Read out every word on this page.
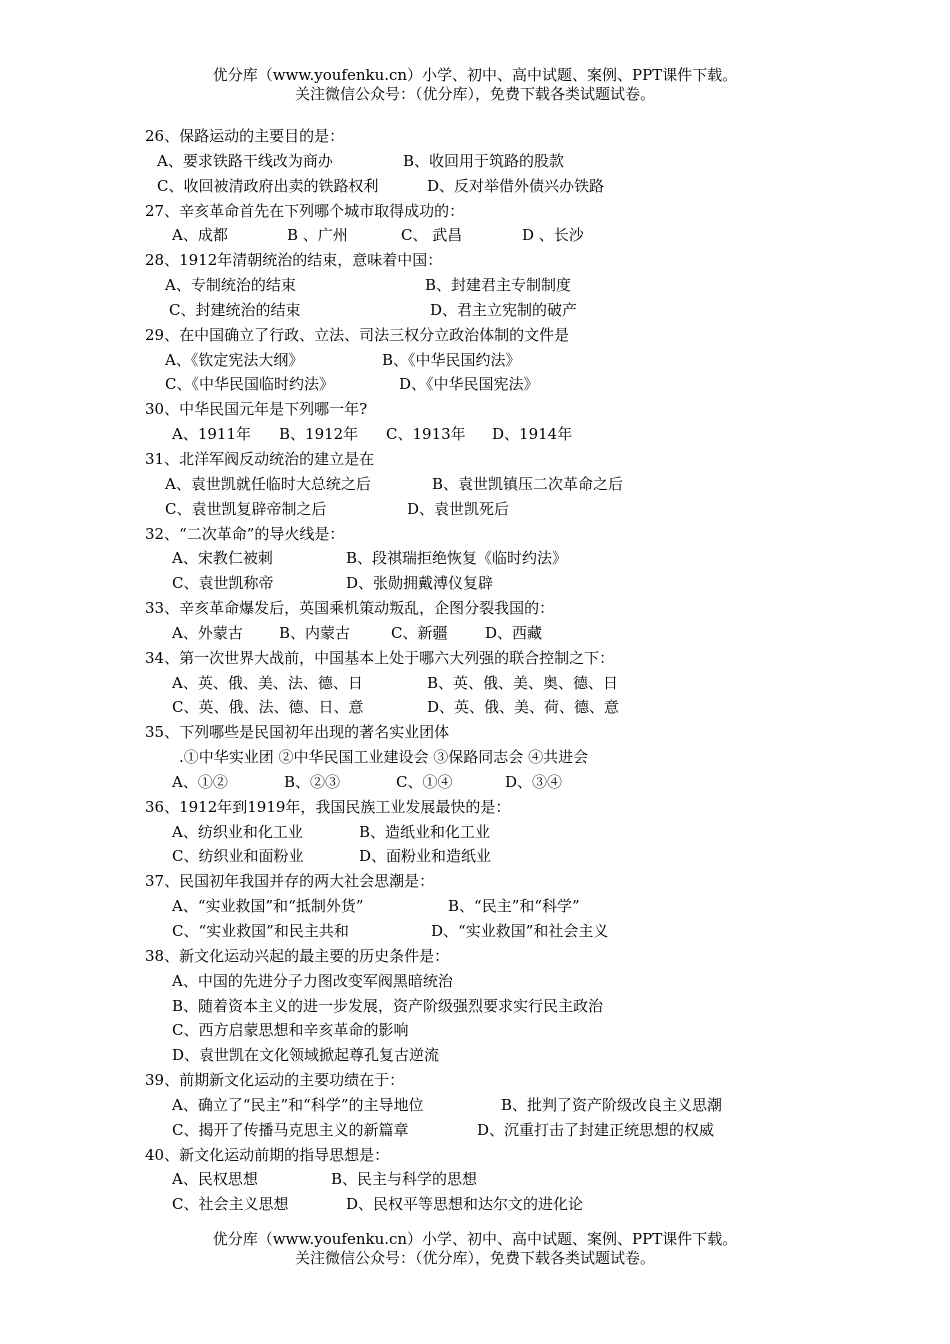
优分库（www.youfenku.cn）小学、初中、高中试题、案例、PPT课件下载。
关注微信公众号：（优分库），免费下载各类试题试卷。
26、保路运动的主要目的是：
A、要求铁路干线改为商办	B、收回用于筑路的股款
C、收回被清政府出卖的铁路权利	D、反对举借外债兴办铁路
27、辛亥革命首先在下列哪个城市取得成功的：
A、成都	B 、广州	C、 武昌	D 、长沙
28、1912年清朝统治的结束，意味着中国：
A、专制统治的结束	B、封建君主专制制度
C、封建统治的结束	D、君主立宪制的破产
29、在中国确立了行政、立法、司法三权分立政治体制的文件是
A、《钦定宪法大纲》	B、《中华民国约法》
C、《中华民国临时约法》	D、《中华民国宪法》
30、中华民国元年是下列哪一年?
A、1911年 B、1912年 C、1913年 D、1914年
31、北洋军阀反动统治的建立是在
A、袁世凯就任临时大总统之后	B、袁世凯镇压二次革命之后
C、袁世凯复辟帝制之后	D、袁世凯死后
32、“二次革命”的导火线是：
A、宋教仁被刺	B、段祺瑞拒绝恢复《临时约法》
C、袁世凯称帝	D、张勋拥戴溥仪复辟
33、辛亥革命爆发后，英国乘机策动叛乱，企图分裂我国的：
A、外蒙古 B、内蒙古	C、新疆	D、西藏
34、第一次世界大战前，中国基本上处于哪六大列强的联合控制之下：
A、英、俄、美、法、德、日	B、英、俄、美、奥、德、日
C、英、俄、法、德、日、意	D、英、俄、美、荷、德、意
35、下列哪些是民国初年出现的著名实业团体
.①中华实业团 ②中华民国工业建设会 ③保路同志会 ④共进会
A、①②	B、②③	C、①④	D、③④
36、1912年到1919年，我国民族工业发展最快的是：
A、纺织业和化工业	B、造纸业和化工业
C、纺织业和面粉业	D、面粉业和造纸业
37、民国初年我国并存的两大社会思潮是：
A、“实业救国”和“抵制外货”	B、“民主”和“科学”
C、“实业救国”和民主共和	D、“实业救国”和社会主义
38、新文化运动兴起的最主要的历史条件是：
A、中国的先进分子力图改变军阀黑暗统治
B、随着资本主义的进一步发展，资产阶级强烈要求实行民主政治
C、西方启蒙思想和辛亥革命的影响
D、袁世凯在文化领域掀起尊孔复古逆流
39、前期新文化运动的主要功绩在于：
A、确立了“民主”和“科学”的主导地位	B、批判了资产阶级改良主义思潮
C、揭开了传播马克思主义的新篇章	D、沉重打击了封建正统思想的权威
40、新文化运动前期的指导思想是：
A、民权思想	B、民主与科学的思想
C、社会主义思想	D、民权平等思想和达尔文的进化论
优分库（www.youfenku.cn）小学、初中、高中试题、案例、PPT课件下载。
关注微信公众号：（优分库），免费下载各类试题试卷。
